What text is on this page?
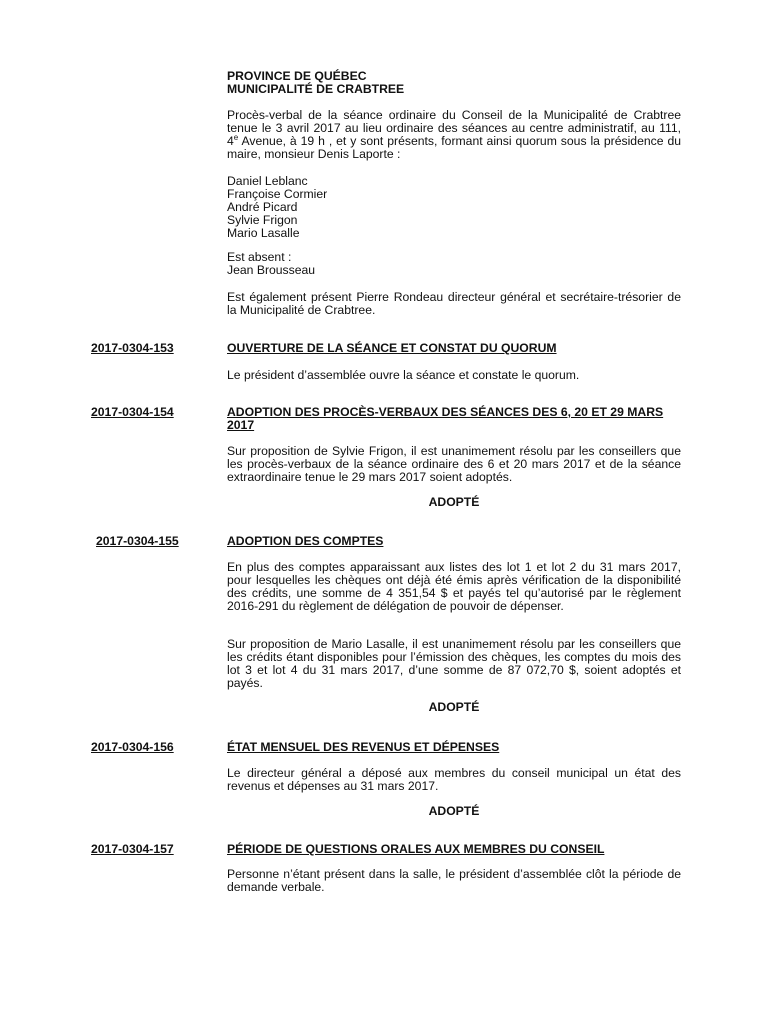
PROVINCE DE QUÉBEC

MUNICIPALITÉ DE CRABTREE

Procès-verbal de la séance ordinaire du Conseil de la Municipalité de Crabtree tenue le 3 avril 2017 au lieu ordinaire des séances au centre administratif, au 111, 4e Avenue, à 19 h , et y sont présents, formant ainsi quorum sous la présidence du maire, monsieur Denis Laporte :

Daniel Leblanc

Françoise Cormier

André Picard

Sylvie Frigon

Mario Lasalle

Est absent :

Jean Brousseau

Est également présent Pierre Rondeau directeur général et secrétaire-trésorier de la Municipalité de Crabtree.
2017-0304-153	OUVERTURE DE LA SÉANCE ET CONSTAT DU QUORUM
Le président d’assemblée ouvre la séance et constate le quorum.
2017-0304-154	ADOPTION DES PROCÈS-VERBAUX DES SÉANCES DES 6, 20 ET 29 MARS 2017
Sur proposition de Sylvie Frigon, il est unanimement résolu par les conseillers que les procès-verbaux de la séance ordinaire des 6 et 20 mars 2017 et de la séance extraordinaire tenue le 29 mars 2017 soient adoptés.
ADOPTÉ
2017-0304-155	ADOPTION DES COMPTES
En plus des comptes apparaissant aux listes des lot 1 et lot 2 du 31 mars 2017, pour lesquelles les chèques ont déjà été émis après vérification de la disponibilité des crédits, une somme de 4 351,54 $ et payés tel qu’autorisé par le règlement 2016-291 du règlement de délégation de pouvoir de dépenser.
Sur proposition de Mario Lasalle, il est unanimement résolu par les conseillers que les crédits étant disponibles pour l’émission des chèques, les comptes du mois des lot 3 et lot 4 du 31 mars 2017, d’une somme de 87 072,70 $, soient adoptés et payés.
ADOPTÉ
2017-0304-156	ÉTAT MENSUEL DES REVENUS ET DÉPENSES
Le directeur général a déposé aux membres du conseil municipal un état des revenus et dépenses au 31 mars 2017.
ADOPTÉ
2017-0304-157	PÉRIODE DE QUESTIONS ORALES AUX MEMBRES DU CONSEIL
Personne n’étant présent dans la salle, le président d’assemblée clôt la période de demande verbale.
